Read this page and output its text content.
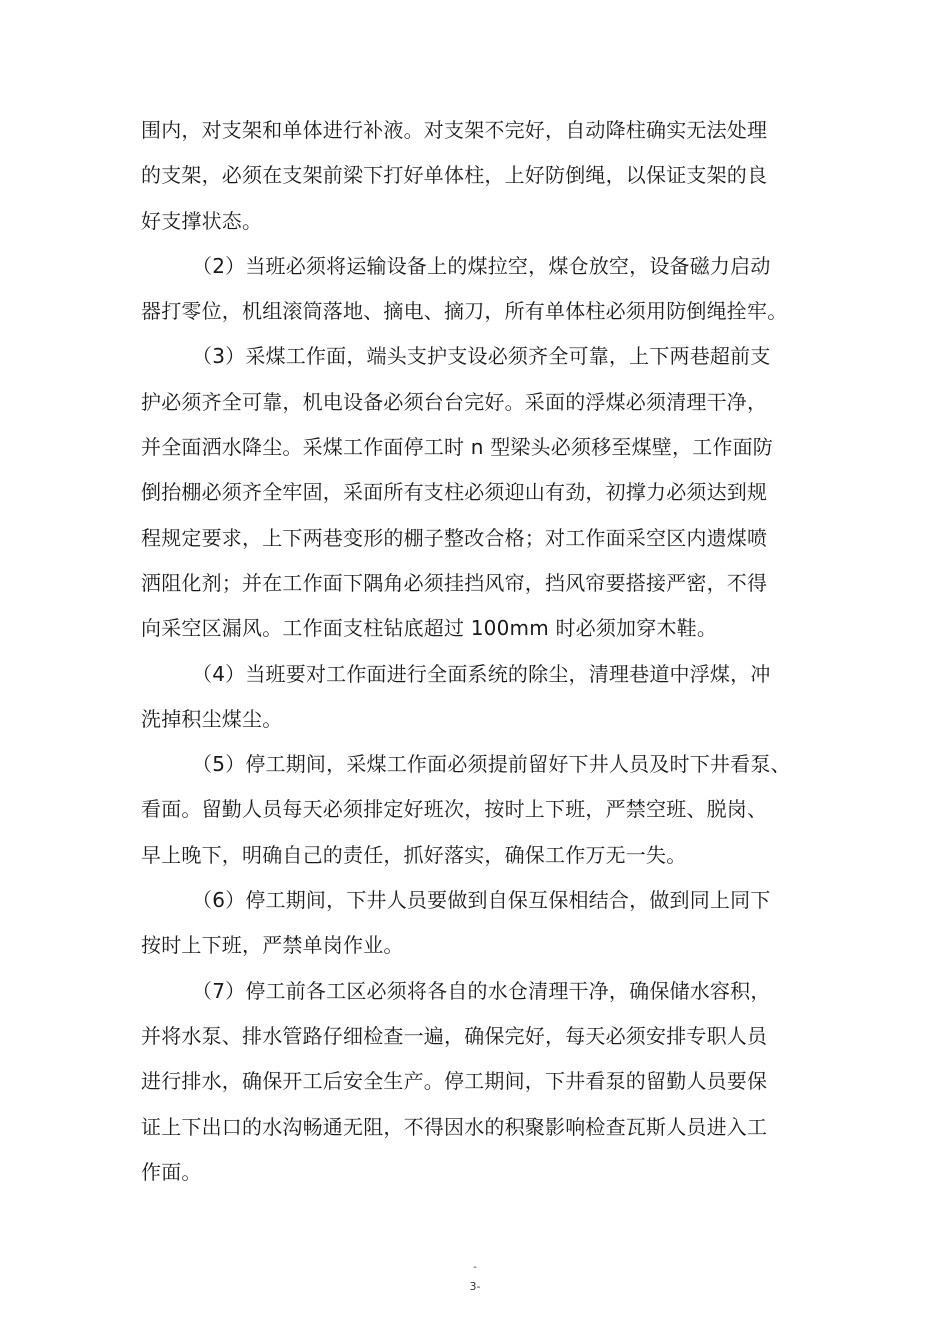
围内，对支架和单体进行补液。对支架不完好，自动降柱确实无法处理
的支架，必须在支架前梁下打好单体柱，上好防倒绳，以保证支架的良
好支撑状态。
（2）当班必须将运输设备上的煤拉空，煤仓放空，设备磁力启动
器打零位，机组滚筒落地、摘电、摘刀，所有单体柱必须用防倒绳拴牢。
（3）采煤工作面，端头支护支设必须齐全可靠，上下两巷超前支
护必须齐全可靠，机电设备必须台台完好。采面的浮煤必须清理干净，
并全面洒水降尘。采煤工作面停工时 n 型梁头必须移至煤壁，工作面防
倒抬棚必须齐全牢固，采面所有支柱必须迎山有劲，初撑力必须达到规
程规定要求，上下两巷变形的棚子整改合格；对工作面采空区内遗煤喷
洒阻化剂；并在工作面下隅角必须挂挡风帘，挡风帘要搭接严密，不得
向采空区漏风。工作面支柱钻底超过 100mm 时必须加穿木鞋。
（4）当班要对工作面进行全面系统的除尘，清理巷道中浮煤，冲
洗掉积尘煤尘。
（5）停工期间，采煤工作面必须提前留好下井人员及时下井看泵、
看面。留勤人员每天必须排定好班次，按时上下班，严禁空班、脱岗、
早上晚下，明确自己的责任，抓好落实，确保工作万无一失。
（6）停工期间，下井人员要做到自保互保相结合，做到同上同下
按时上下班，严禁单岗作业。
（7）停工前各工区必须将各自的水仓清理干净，确保储水容积，
并将水泵、排水管路仔细检查一遍，确保完好，每天必须安排专职人员
进行排水，确保开工后安全生产。停工期间，下井看泵的留勤人员要保
证上下出口的水沟畅通无阻，不得因水的积聚影响检查瓦斯人员进入工
作面。
-
3-
